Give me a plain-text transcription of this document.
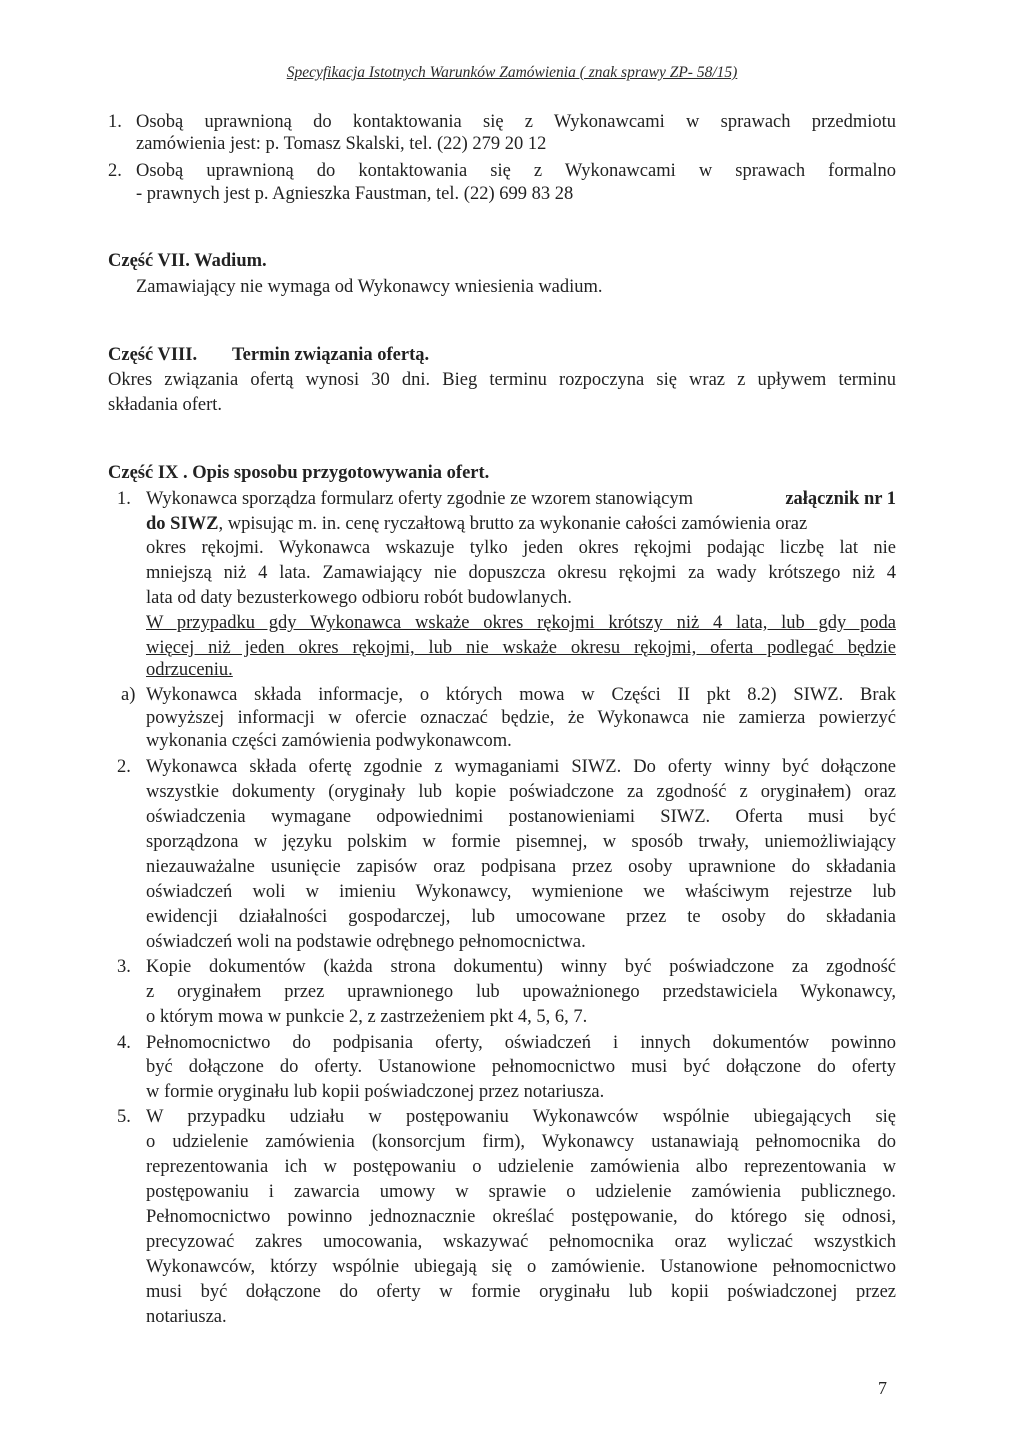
Specyfikacja Istotnych Warunków Zamówienia ( znak sprawy ZP- 58/15)
1. Osobą uprawnioną do kontaktowania się z Wykonawcami w sprawach przedmiotu
zamówienia jest: p. Tomasz Skalski, tel. (22) 279 20 12
2. Osobą uprawnioną do kontaktowania się z Wykonawcami w sprawach formalno
- prawnych jest p. Agnieszka Faustman, tel. (22) 699 83 28
Część VII. Wadium.
Zamawiający nie wymaga od Wykonawcy wniesienia wadium.
Część VIII. Termin związania ofertą.
Okres związania ofertą wynosi 30 dni. Bieg terminu rozpoczyna się wraz z upływem terminu
składania ofert.
Część IX . Opis sposobu przygotowywania ofert.
1. Wykonawca sporządza formularz oferty zgodnie ze wzorem stanowiącym	załącznik nr 1
do SIWZ, wpisując m. in. cenę ryczałtową brutto za wykonanie całości zamówienia oraz
okres rękojmi. Wykonawca wskazuje tylko jeden okres rękojmi podając liczbę lat nie
mniejszą niż 4 lata. Zamawiający nie dopuszcza okresu rękojmi za wady krótszego niż 4
lata od daty bezusterkowego odbioru robót budowlanych.
W przypadku gdy Wykonawca wskaże okres rękojmi krótszy niż 4 lata, lub gdy poda
więcej niż jeden okres rękojmi, lub nie wskaże okresu rękojmi, oferta podlegać będzie
odrzuceniu.
a) Wykonawca składa informacje, o których mowa w Części II pkt 8.2) SIWZ. Brak
powyższej informacji w ofercie oznaczać będzie, że Wykonawca nie zamierza powierzyć
wykonania części zamówienia podwykonawcom.
2. Wykonawca składa ofertę zgodnie z wymaganiami SIWZ. Do oferty winny być dołączone
wszystkie dokumenty (oryginały lub kopie poświadczone za zgodność z oryginałem) oraz
oświadczenia wymagane odpowiednimi postanowieniami SIWZ. Oferta musi być
sporządzona w języku polskim w formie pisemnej, w sposób trwały, uniemożliwiający
niezauważalne usunięcie zapisów oraz podpisana przez osoby uprawnione do składania
oświadczeń woli w imieniu Wykonawcy, wymienione we właściwym rejestrze lub
ewidencji działalności gospodarczej, lub umocowane przez te osoby do składania
oświadczeń woli na podstawie odrębnego pełnomocnictwa.
3. Kopie dokumentów (każda strona dokumentu) winny być poświadczone za zgodność
z oryginałem przez uprawnionego lub upoważnionego przedstawiciela Wykonawcy,
o którym mowa w punkcie 2, z zastrzeżeniem pkt 4, 5, 6, 7.
4. Pełnomocnictwo do podpisania oferty, oświadczeń i innych dokumentów powinno
być dołączone do oferty. Ustanowione pełnomocnictwo musi być dołączone do oferty
w formie oryginału lub kopii poświadczonej przez notariusza.
5. W przypadku udziału w postępowaniu Wykonawców wspólnie ubiegających się
o udzielenie zamówienia (konsorcjum firm), Wykonawcy ustanawiają pełnomocnika do
reprezentowania ich w postępowaniu o udzielenie zamówienia albo reprezentowania w
postępowaniu i zawarcia umowy w sprawie o udzielenie zamówienia publicznego.
Pełnomocnictwo powinno jednoznacznie określać postępowanie, do którego się odnosi,
precyzować zakres umocowania, wskazywać pełnomocnika oraz wyliczać wszystkich
Wykonawców, którzy wspólnie ubiegają się o zamówienie. Ustanowione pełnomocnictwo
musi być dołączone do oferty w formie oryginału lub kopii poświadczonej przez
notariusza.
7
